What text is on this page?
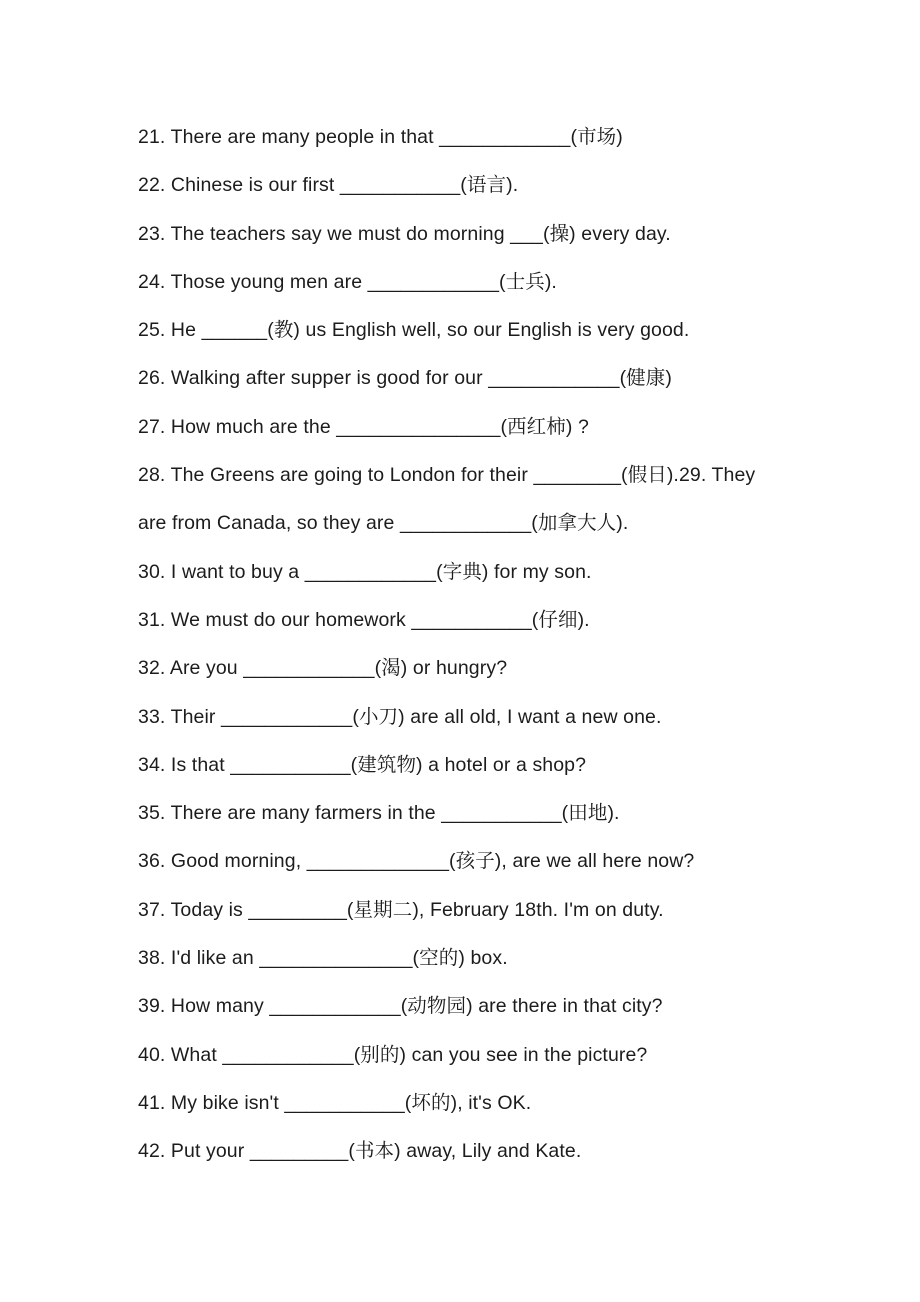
21. There are many people in that ____________(市场)

22. Chinese is our first ___________(语言).

23. The teachers say we must do morning ___(操) every day.

24. Those young men are ____________(士兵).

25. He ______(教) us English well, so our English is very good.

26. Walking after supper is good for our ____________(健康)

27. How much are the _______________(西红柿) ?

28. The Greens are going to London for their ________(假日).29. They

are from Canada, so they are ____________(加拿大人).

30. I want to buy a ____________(字典) for my son.

31. We must do our homework ___________(仔细).

32. Are you ____________(渴) or hungry?

33. Their ____________(小刀) are all old, I want a new one.

34. Is that ___________(建筑物) a hotel or a shop?

35. There are many farmers in the ___________(田地).

36. Good morning, _____________(孩子), are we all here now?

37. Today is _________(星期二), February 18th. I'm on duty.

38. I'd like an ______________(空的) box.

39. How many ____________(动物园) are there in that city?

40. What ____________(别的) can you see in the picture?

41. My bike isn't ___________(坏的), it's OK.

42. Put your _________(书本) away, Lily and Kate.
